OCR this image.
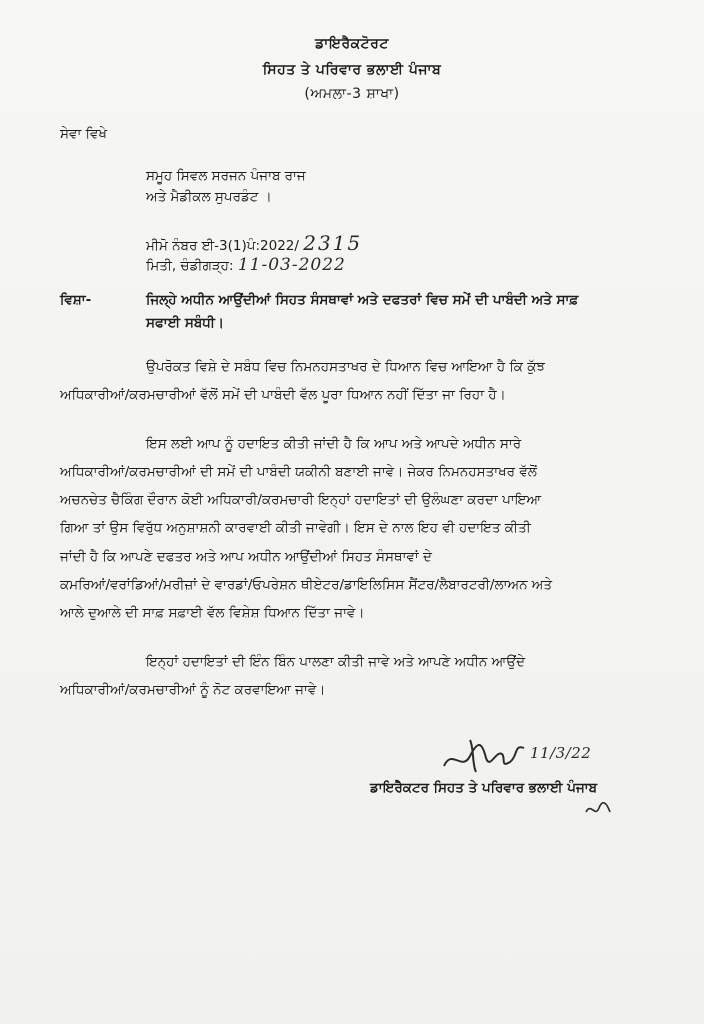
ਡਾਇਰੈਕਟੋਰਟ
ਸਿਹਤ ਤੇ ਪਰਿਵਾਰ ਭਲਾਈ ਪੰਜਾਬ
(ਅਮਲਾ-3 ਸ਼ਾਖਾ)
ਸੇਵਾ ਵਿਖੇ
ਸਮੂਹ ਸਿਵਲ ਸਰਜਨ ਪੰਜਾਬ ਰਾਜ
ਅਤੇ ਮੈਡੀਕਲ ਸੁਪਰਡੰਟ ।
ਮੀਮੋ ਨੰਬਰ ਈ-3(1)ਪੰ:2022/ 2315
ਮਿਤੀ, ਚੰਡੀਗੜ੍ਹ: 11-03-2022
ਵਿਸ਼ਾ-	ਜਿਲ੍ਹੇ ਅਧੀਨ ਆਉਂਦੀਆਂ ਸਿਹਤ ਸੰਸਥਾਵਾਂ ਅਤੇ ਦਫਤਰਾਂ ਵਿਚ ਸਮੇਂ ਦੀ ਪਾਬੰਦੀ ਅਤੇ ਸਾਫ਼
ਸਫਾਈ ਸਬੰਧੀ।
ਉਪਰੋਕਤ ਵਿਸ਼ੇ ਦੇ ਸਬੰਧ ਵਿਚ ਨਿਮਨਹਸਤਾਖਰ ਦੇ ਧਿਆਨ ਵਿਚ ਆਇਆ ਹੈ ਕਿ ਕੁੱਝ
ਅਧਿਕਾਰੀਆਂ/ਕਰਮਚਾਰੀਆਂ ਵੱਲੋਂ ਸਮੇਂ ਦੀ ਪਾਬੰਦੀ ਵੱਲ ਪੂਰਾ ਧਿਆਨ ਨਹੀਂ ਦਿੱਤਾ ਜਾ ਰਿਹਾ ਹੈ।
ਇਸ ਲਈ ਆਪ ਨੂੰ ਹਦਾਇਤ ਕੀਤੀ ਜਾਂਦੀ ਹੈ ਕਿ ਆਪ ਅਤੇ ਆਪਦੇ ਅਧੀਨ ਸਾਰੇ
ਅਧਿਕਾਰੀਆਂ/ਕਰਮਚਾਰੀਆਂ ਦੀ ਸਮੇਂ ਦੀ ਪਾਬੰਦੀ ਯਕੀਨੀ ਬਣਾਈ ਜਾਵੇ। ਜੇਕਰ ਨਿਮਨਹਸਤਾਖਰ ਵੱਲੋਂ
ਅਚਨਚੇਤ ਚੈਕਿੰਗ ਦੌਰਾਨ ਕੋਈ ਅਧਿਕਾਰੀ/ਕਰਮਚਾਰੀ ਇਨ੍ਹਾਂ ਹਦਾਇਤਾਂ ਦੀ ਉਲੰਘਣਾ ਕਰਦਾ ਪਾਇਆ
ਗਿਆ ਤਾਂ ਉਸ ਵਿਰੁੱਧ ਅਨੁਸ਼ਾਸ਼ਨੀ ਕਾਰਵਾਈ ਕੀਤੀ ਜਾਵੇਗੀ। ਇਸ ਦੇ ਨਾਲ ਇਹ ਵੀ ਹਦਾਇਤ ਕੀਤੀ
ਜਾਂਦੀ ਹੈ ਕਿ ਆਪਣੇ ਦਫਤਰ ਅਤੇ ਆਪ ਅਧੀਨ ਆਉਂਦੀਆਂ ਸਿਹਤ ਸੰਸਥਾਵਾਂ ਦੇ
ਕਮਰਿਆਂ/ਵਰਾਂਡਿਆਂ/ਮਰੀਜ਼ਾਂ ਦੇ ਵਾਰਡਾਂ/ਓਪਰੇਸ਼ਨ ਥੀਏਟਰ/ਡਾਇਲਿਸਿਸ ਸੈਂਟਰ/ਲੈਬਾਰਟਰੀ/ਲਾਅਨ ਅਤੇ
ਆਲੇ ਦੁਆਲੇ ਦੀ ਸਾਫ਼ ਸਫ਼ਾਈ ਵੱਲ ਵਿਸ਼ੇਸ਼ ਧਿਆਨ ਦਿੱਤਾ ਜਾਵੇ।
ਇਨ੍ਹਾਂ ਹਦਾਇਤਾਂ ਦੀ ਇੰਨ ਬਿੰਨ ਪਾਲਣਾ ਕੀਤੀ ਜਾਵੇ ਅਤੇ ਆਪਣੇ ਅਧੀਨ ਆਉਂਦੇ
ਅਧਿਕਾਰੀਆਂ/ਕਰਮਚਾਰੀਆਂ ਨੂੰ ਨੋਟ ਕਰਵਾਇਆ ਜਾਵੇ।
11/3/22
ਡਾਇਰੈਕਟਰ ਸਿਹਤ ਤੇ ਪਰਿਵਾਰ ਭਲਾਈ ਪੰਜਾਬ
